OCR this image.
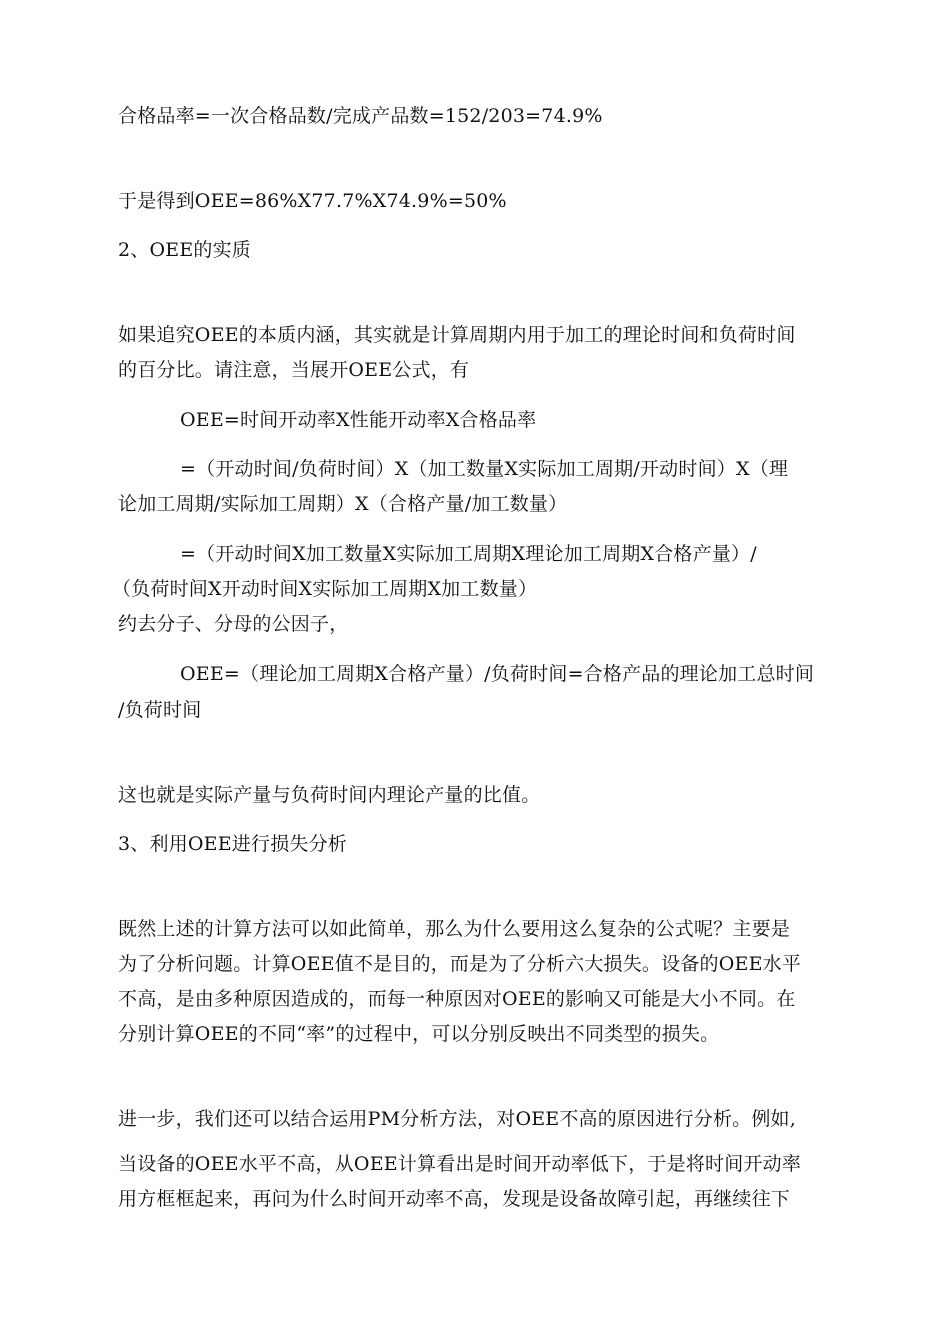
合格品率=一次合格品数/完成产品数=152/203=74.9%
于是得到OEE=86%X77.7%X74.9%=50%
2、OEE的实质
如果追究OEE的本质内涵，其实就是计算周期内用于加工的理论时间和负荷时间
的百分比。请注意，当展开OEE公式，有
OEE=时间开动率X性能开动率X合格品率
=（开动时间/负荷时间）X（加工数量X实际加工周期/开动时间）X（理
论加工周期/实际加工周期）X（合格产量/加工数量）
=（开动时间X加工数量X实际加工周期X理论加工周期X合格产量）/
（负荷时间X开动时间X实际加工周期X加工数量）
约去分子、分母的公因子，
OEE=（理论加工周期X合格产量）/负荷时间=合格产品的理论加工总时间
/负荷时间
这也就是实际产量与负荷时间内理论产量的比值。
3、利用OEE进行损失分析
既然上述的计算方法可以如此简单，那么为什么要用这么复杂的公式呢？主要是
为了分析问题。计算OEE值不是目的，而是为了分析六大损失。设备的OEE水平
不高，是由多种原因造成的，而每一种原因对OEE的影响又可能是大小不同。在
分别计算OEE的不同“率”的过程中，可以分别反映出不同类型的损失。
进一步，我们还可以结合运用PM分析方法，对OEE不高的原因进行分析。例如,
当设备的OEE水平不高，从OEE计算看出是时间开动率低下，于是将时间开动率
用方框框起来，再问为什么时间开动率不高，发现是设备故障引起，再继续往下
